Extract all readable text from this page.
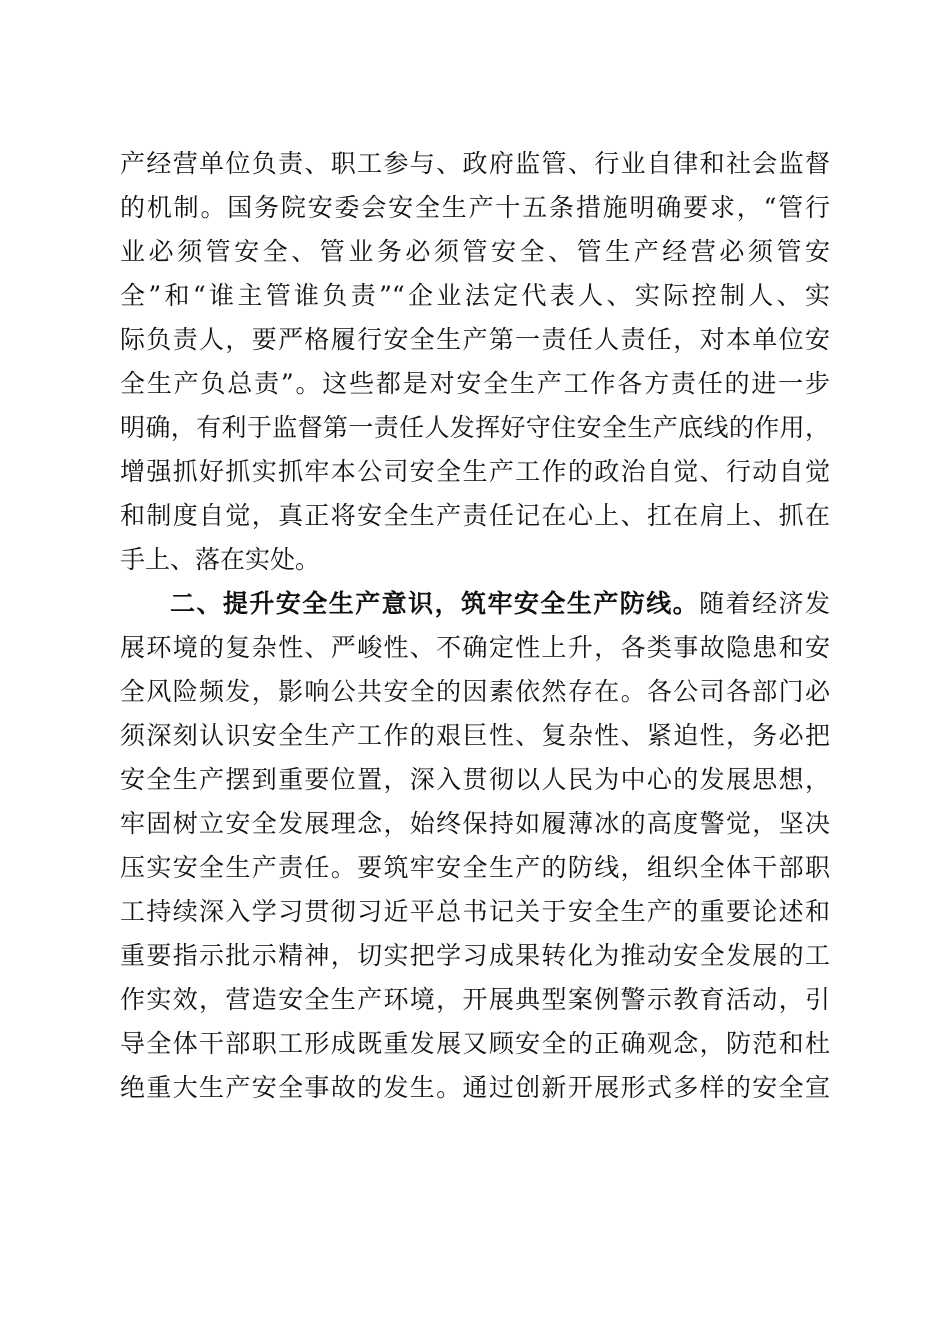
产经营单位负责、职工参与、政府监管、行业自律和社会监督
的机制。国务院安委会安全生产十五条措施明确要求，“管行
业必须管安全、管业务必须管安全、管生产经营必须管安
全”和“谁主管谁负责”“企业法定代表人、实际控制人、实
际负责人，要严格履行安全生产第一责任人责任，对本单位安
全生产负总责”。这些都是对安全生产工作各方责任的进一步
明确，有利于监督第一责任人发挥好守住安全生产底线的作用，
增强抓好抓实抓牢本公司安全生产工作的政治自觉、行动自觉
和制度自觉，真正将安全生产责任记在心上、扛在肩上、抓在
手上、落在实处。
二、提升安全生产意识，筑牢安全生产防线。随着经济发
展环境的复杂性、严峻性、不确定性上升，各类事故隐患和安
全风险频发，影响公共安全的因素依然存在。各公司各部门必
须深刻认识安全生产工作的艰巨性、复杂性、紧迫性，务必把
安全生产摆到重要位置，深入贯彻以人民为中心的发展思想，
牢固树立安全发展理念，始终保持如履薄冰的高度警觉，坚决
压实安全生产责任。要筑牢安全生产的防线，组织全体干部职
工持续深入学习贯彻习近平总书记关于安全生产的重要论述和
重要指示批示精神，切实把学习成果转化为推动安全发展的工
作实效，营造安全生产环境，开展典型案例警示教育活动，引
导全体干部职工形成既重发展又顾安全的正确观念，防范和杜
绝重大生产安全事故的发生。通过创新开展形式多样的安全宣
